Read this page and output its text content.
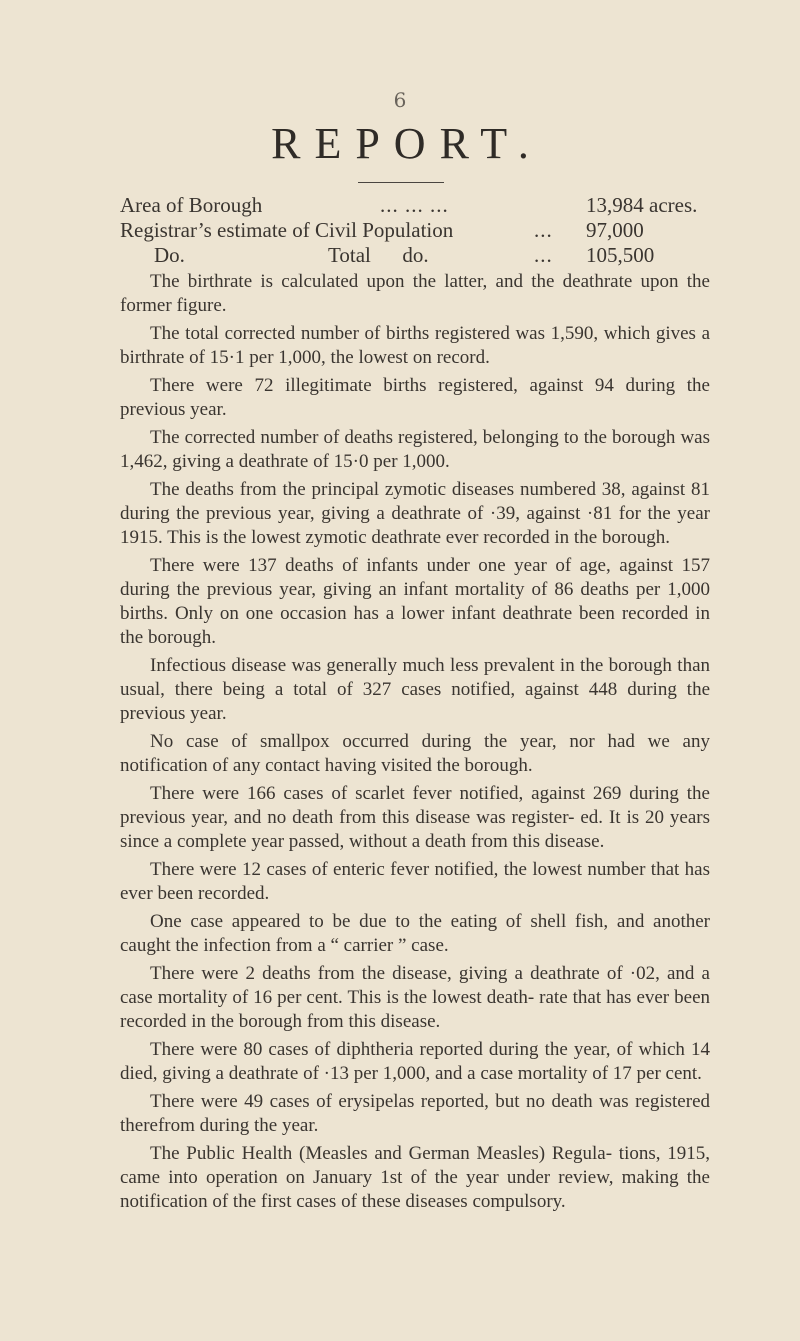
6
REPORT.
Area of Borough	... ... ...	13,984 acres.
Registrar’s estimate of Civil Population	... 97,000
Do.	Total      do.	... 105,500

The birthrate is calculated upon the latter, and the deathrate upon the former figure.

The total corrected number of births registered was 1,590, which gives a birthrate of 15·1 per 1,000, the lowest on record.

There were 72 illegitimate births registered, against 94 during the previous year.

The corrected number of deaths registered, belonging to the borough was 1,462, giving a deathrate of 15·0 per 1,000.

The deaths from the principal zymotic diseases numbered 38, against 81 during the previous year, giving a deathrate of ·39, against ·81 for the year 1915. This is the lowest zymotic deathrate ever recorded in the borough.

There were 137 deaths of infants under one year of age, against 157 during the previous year, giving an infant mortality of 86 deaths per 1,000 births. Only on one occasion has a lower infant deathrate been recorded in the borough.

Infectious disease was generally much less prevalent in the borough than usual, there being a total of 327 cases notified, against 448 during the previous year.

No case of smallpox occurred during the year, nor had we any notification of any contact having visited the borough.

There were 166 cases of scarlet fever notified, against 269 during the previous year, and no death from this disease was register- ed. It is 20 years since a complete year passed, without a death from this disease.

There were 12 cases of enteric fever notified, the lowest number that has ever been recorded.

One case appeared to be due to the eating of shell fish, and another caught the infection from a “ carrier ” case.

There were 2 deaths from the disease, giving a deathrate of ·02, and a case mortality of 16 per cent. This is the lowest death- rate that has ever been recorded in the borough from this disease.

There were 80 cases of diphtheria reported during the year, of which 14 died, giving a deathrate of ·13 per 1,000, and a case mortality of 17 per cent.

There were 49 cases of erysipelas reported, but no death was registered therefrom during the year.

The Public Health (Measles and German Measles) Regula- tions, 1915, came into operation on January 1st of the year under review, making the notification of the first cases of these diseases compulsory.
